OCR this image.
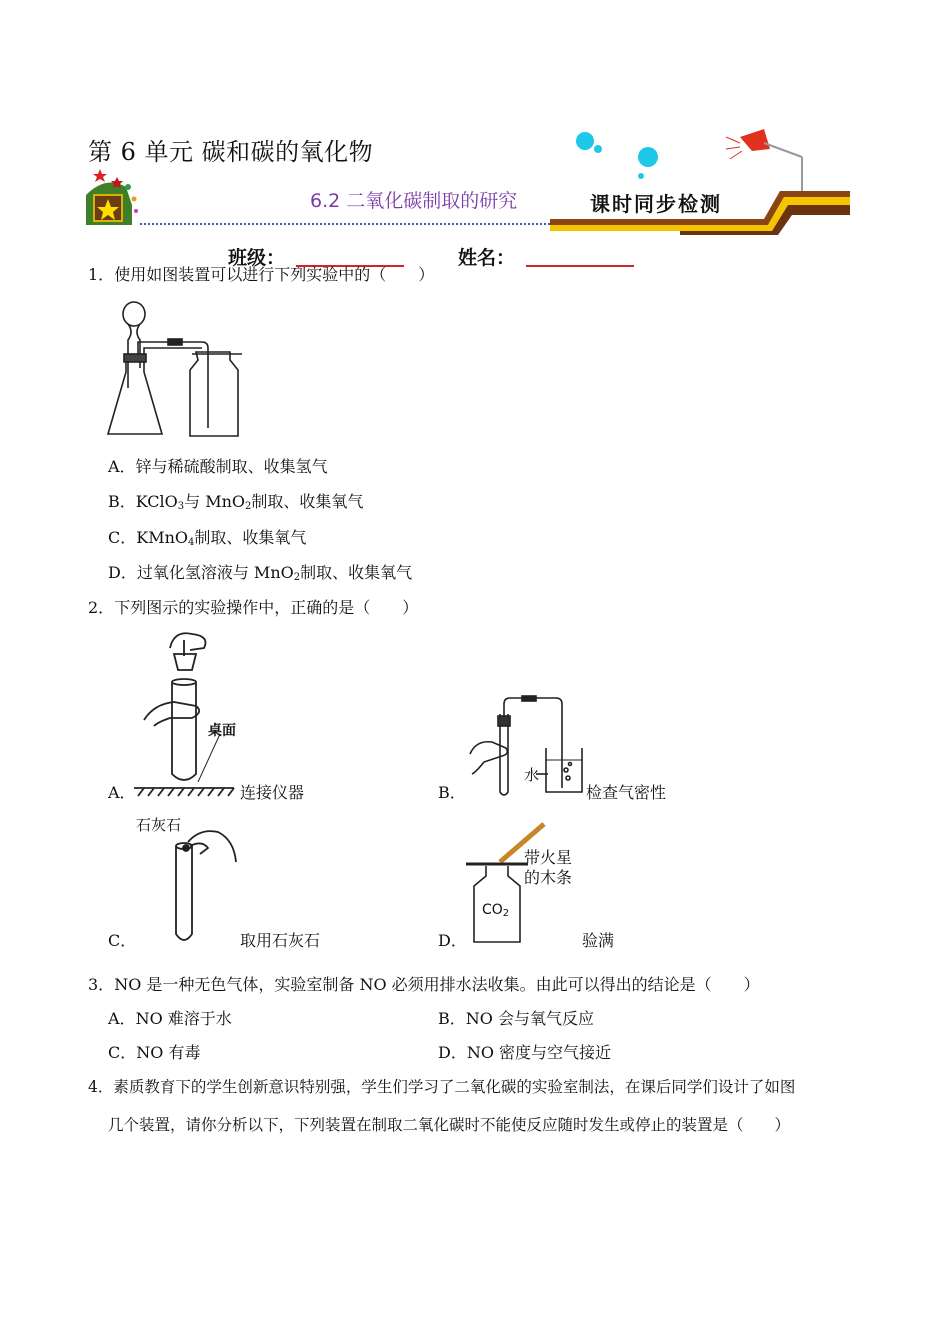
第 6 单元 碳和碳的氧化物
6.2 二氧化碳制取的研究	课时同步检测
班级：	姓名：
1．使用如图装置可以进行下列实验中的（　　）
A．锌与稀硫酸制取、收集氢气
B．KClO$_3$与 MnO$_2$制取、收集氧气
C．KMnO$_4$制取、收集氧气
D．过氧化氢溶液与 MnO$_2$制取、收集氧气
2．下列图示的实验操作中，正确的是（　　）
桌面
A．	连接仪器
水
B．	检查气密性
石灰石
C．	取用石灰石
带火星
的木条
$CO_2$
D．	验满
3．NO 是一种无色气体，实验室制备 NO 必须用排水法收集。由此可以得出的结论是（　　）
A．NO 难溶于水	B．NO 会与氧气反应
C．NO 有毒	D．NO 密度与空气接近
4．素质教育下的学生创新意识特别强，学生们学习了二氧化碳的实验室制法，在课后同学们设计了如图
几个装置，请你分析以下，下列装置在制取二氧化碳时不能使反应随时发生或停止的装置是（　　）
